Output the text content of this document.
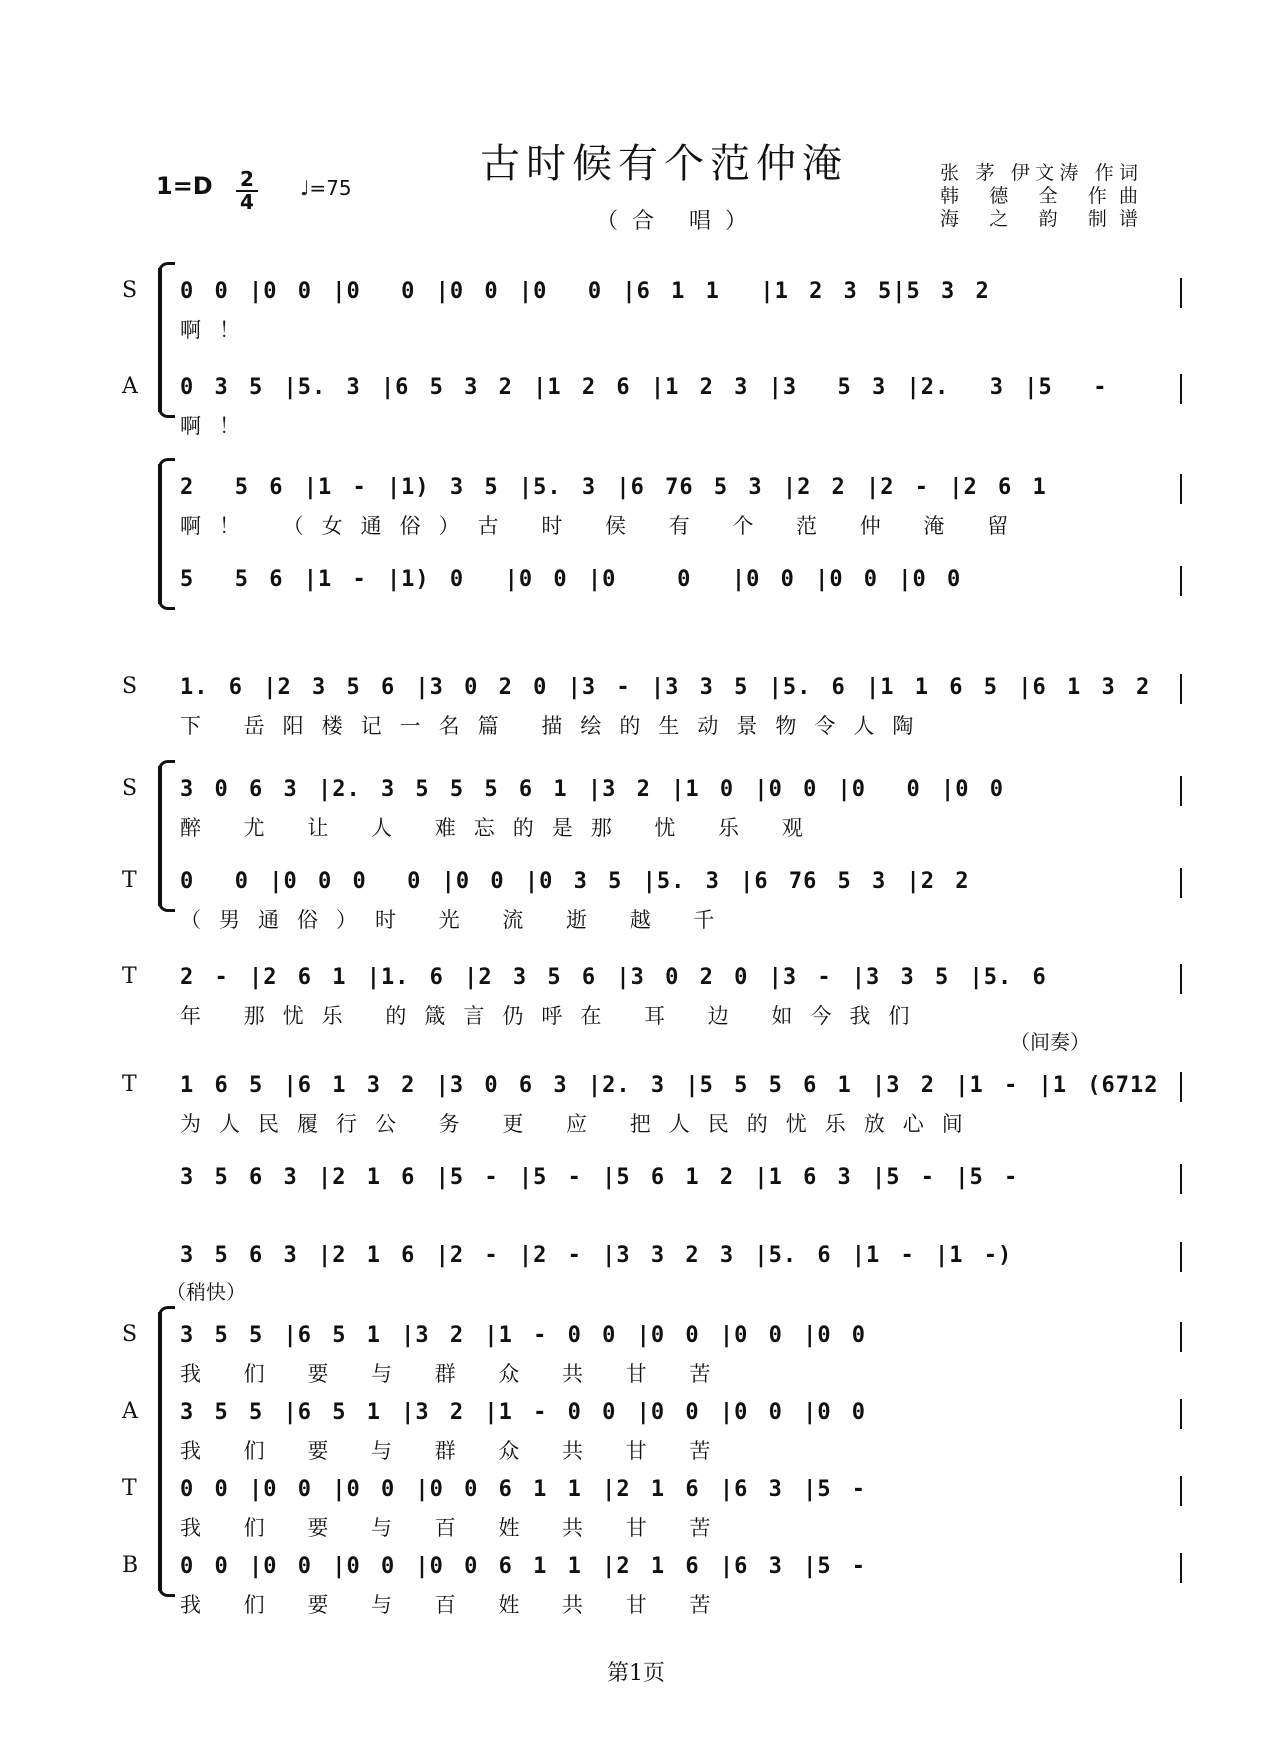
古时候有个范仲淹
（合 唱）
1=D 2
4
♩=75
张 茅 伊文涛 作词
韩 德 全 作曲
海 之 韵 制谱
S 0 0 |0 0 |0  0 |0 0 |0  0 |6 1 1  |1 2 3 5|5 3 2
啊！
A 0 3 5 |5. 3 |6 5 3 2 |1 2 6 |1 2 3 |3  5 3 |2.  3 |5  -
啊！
2  5 6 |1 - |1) 3 5 |5. 3 |6 76 5 3 |2 2 |2 - |2 6 1
啊！ （女通俗）古 时 侯 有 个 范 仲 淹 留
5  5 6 |1 - |1) 0  |0 0 |0   0  |0 0 |0 0 |0 0
S 1. 6 |2 3 5 6 |3 0 2 0 |3 - |3 3 5 |5. 6 |1 1 6 5 |6 1 3 2
下 岳阳楼记一名篇 描绘的生动景物令人陶
S 3 0 6 3 |2. 3 5 5 5 6 1 |3 2 |1 0 |0 0 |0  0 |0 0
醉 尤 让 人 难忘的是那 忧 乐 观
T 0  0 |0 0 0  0 |0 0 |0 3 5 |5. 3 |6 76 5 3 |2 2
（男通俗）时 光 流 逝 越 千
T 2 - |2 6 1 |1. 6 |2 3 5 6 |3 0 2 0 |3 - |3 3 5 |5. 6
年 那忧乐 的箴言仍呼在 耳 边 如今我们
（间奏）
T 1 6 5 |6 1 3 2 |3 0 6 3 |2. 3 |5 5 5 6 1 |3 2 |1 - |1 (6712
为人民履行公 务 更 应 把人民的忧乐放心间
3 5 6 3 |2 1 6 |5 - |5 - |5 6 1 2 |1 6 3 |5 - |5 -
3 5 6 3 |2 1 6 |2 - |2 - |3 3 2 3 |5. 6 |1 - |1 -)
（稍快）
S 3 5 5 |6 5 1 |3 2 |1 - 0 0 |0 0 |0 0 |0 0
我 们 要 与 群 众 共 甘 苦
A 3 5 5 |6 5 1 |3 2 |1 - 0 0 |0 0 |0 0 |0 0
我 们 要 与 群 众 共 甘 苦
T 0 0 |0 0 |0 0 |0 0 6 1 1 |2 1 6 |6 3 |5 -
我 们 要 与 百 姓 共 甘 苦
B 0 0 |0 0 |0 0 |0 0 6 1 1 |2 1 6 |6 3 |5 -
我 们 要 与 百 姓 共 甘 苦
第1页
